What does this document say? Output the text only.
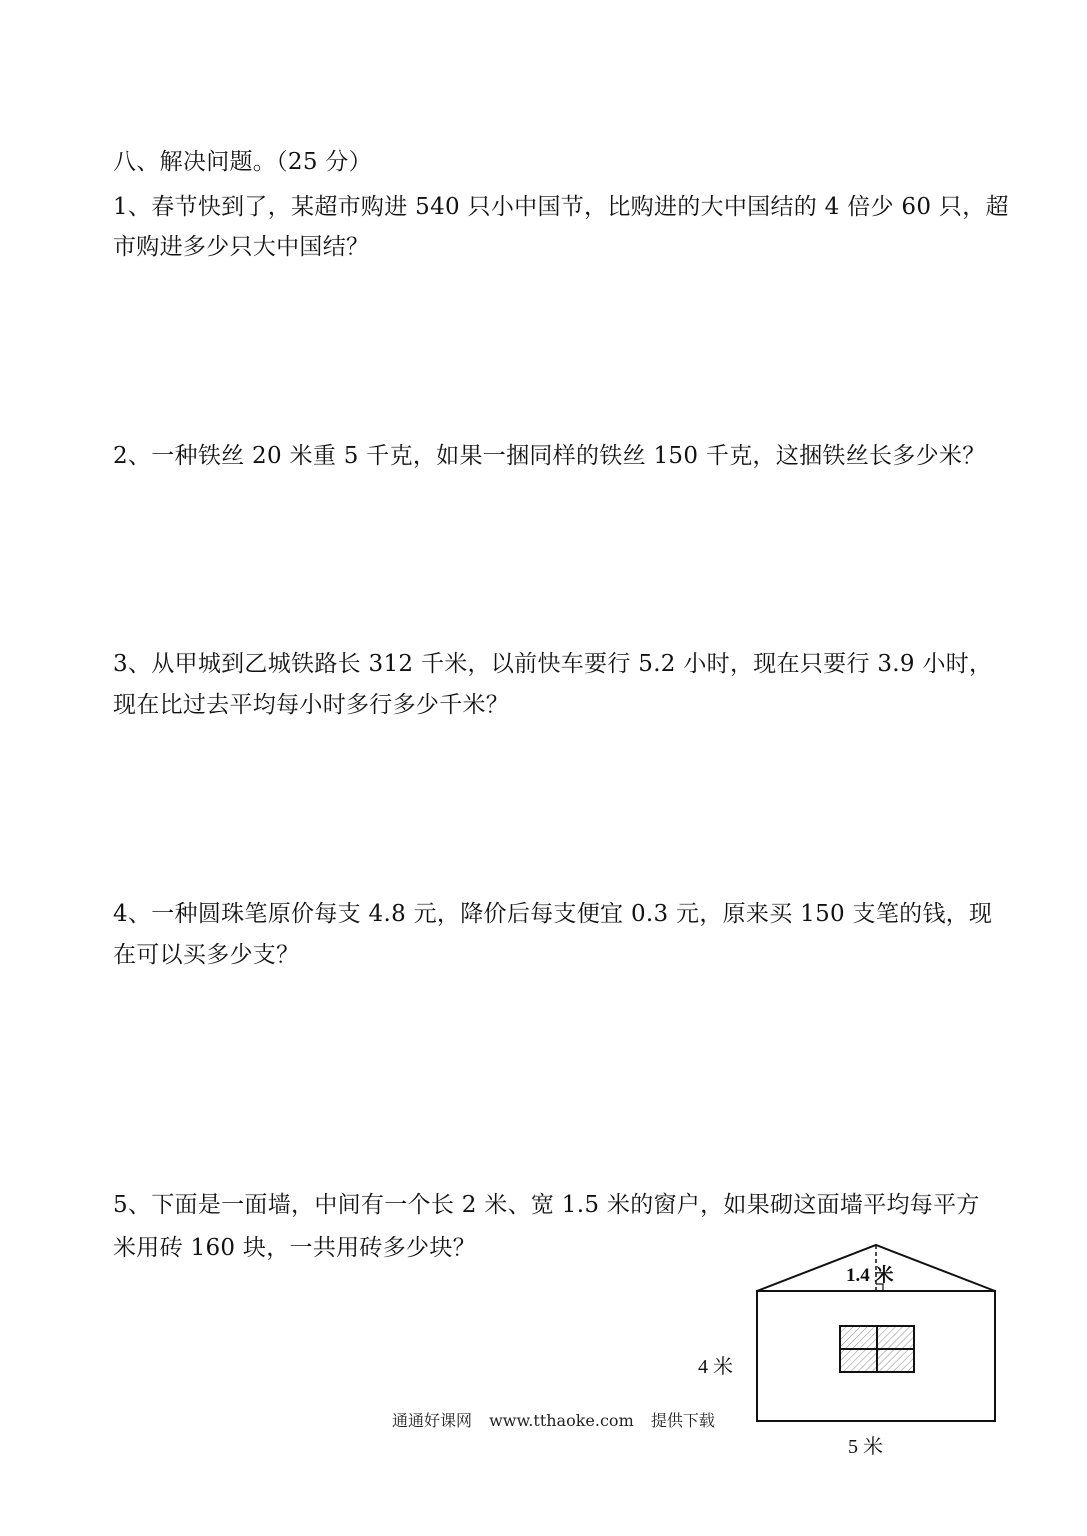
八、解决问题。（25 分）
1、春节快到了，某超市购进 540 只小中国节，比购进的大中国结的 4 倍少 60 只，超
市购进多少只大中国结？
2、一种铁丝 20 米重 5 千克，如果一捆同样的铁丝 150 千克，这捆铁丝长多少米？
3、从甲城到乙城铁路长 312 千米，以前快车要行 5.2 小时，现在只要行 3.9 小时，
现在比过去平均每小时多行多少千米？
4、一种圆珠笔原价每支 4.8 元，降价后每支便宜 0.3 元，原来买 150 支笔的钱，现
在可以买多少支？
5、下面是一面墙，中间有一个长 2 米、宽 1.5 米的窗户，如果砌这面墙平均每平方
米用砖 160 块，一共用砖多少块？
1.4 米
4 米
5 米
通通好课网 www.tthaoke.com 提供下载
